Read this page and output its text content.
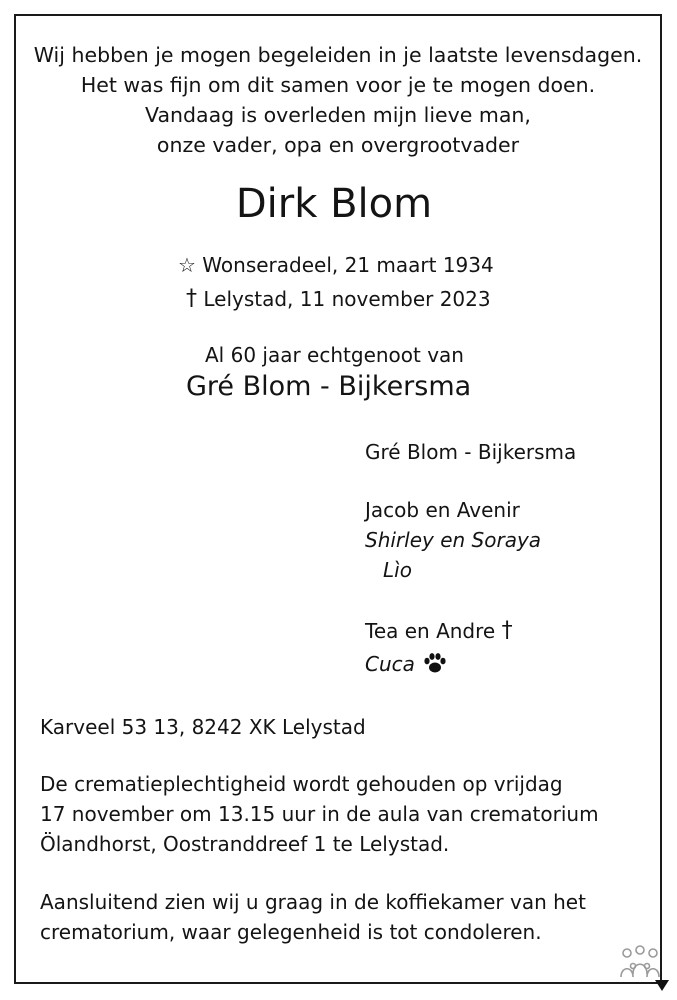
Wij hebben je mogen begeleiden in je laatste levensdagen.
Het was fijn om dit samen voor je te mogen doen.
Vandaag is overleden mijn lieve man,
onze vader, opa en overgrootvader
Dirk Blom
☆ Wonseradeel, 21 maart 1934
† Lelystad, 11 november 2023
Al 60 jaar echtgenoot van
Gré Blom - Bijkersma
Gré Blom - Bijkersma
Jacob en Avenir
Shirley en Soraya
Lìo
Tea en Andre †
Cuca
Karveel 53 13, 8242 XK Lelystad
De crematieplechtigheid wordt gehouden op vrijdag
17 november om 13.15 uur in de aula van crematorium
Ölandhorst, Oostranddreef 1 te Lelystad.
Aansluitend zien wij u graag in de koffiekamer van het
crematorium, waar gelegenheid is tot condoleren.
